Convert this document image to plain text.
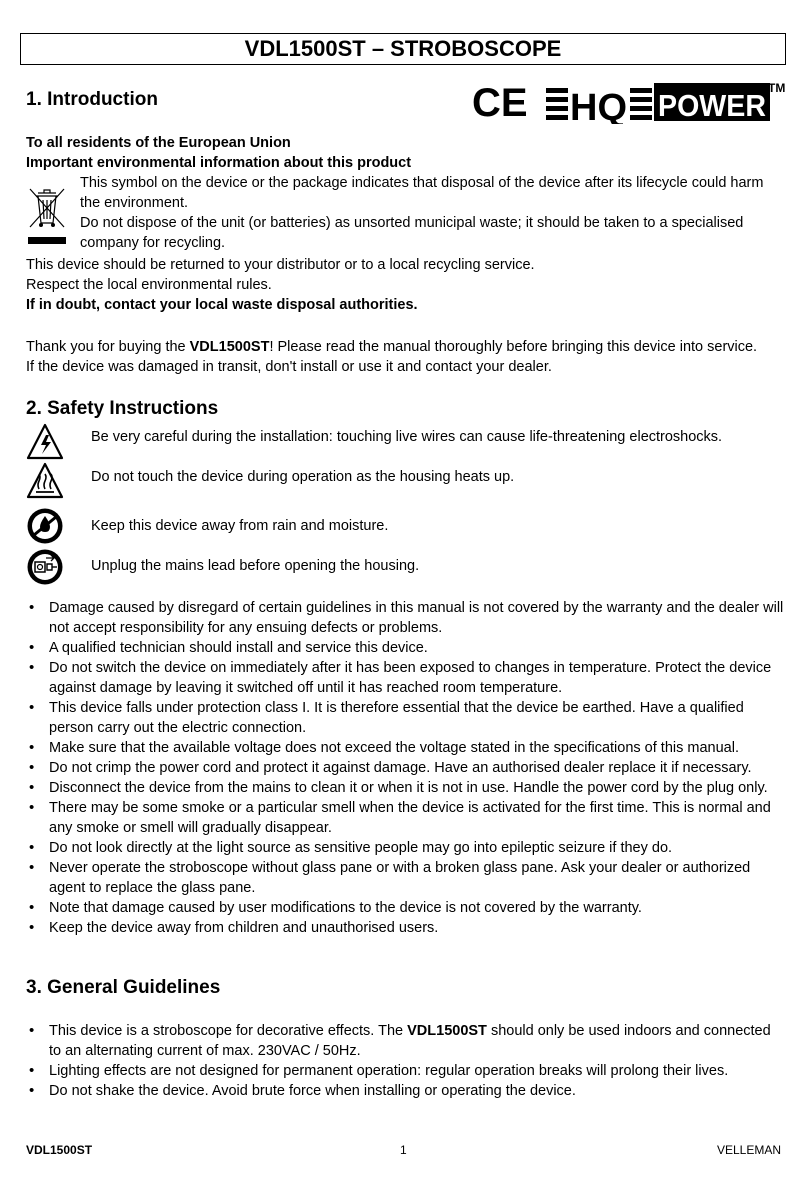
VDL1500ST – STROBOSCOPE
CE HQ POWER TM
1. Introduction
To all residents of the European Union
Important environmental information about this product
This symbol on the device or the package indicates that disposal of the device after its lifecycle could harm the environment.
Do not dispose of the unit (or batteries) as unsorted municipal waste; it should be taken to a specialised company for recycling.
This device should be returned to your distributor or to a local recycling service.
Respect the local environmental rules.
If in doubt, contact your local waste disposal authorities.
Thank you for buying the VDL1500ST! Please read the manual thoroughly before bringing this device into service.
If the device was damaged in transit, don't install or use it and contact your dealer.
2. Safety Instructions
Be very careful during the installation: touching live wires can cause life-threatening electroshocks.
Do not touch the device during operation as the housing heats up.
Keep this device away from rain and moisture.
Unplug the mains lead before opening the housing.
• Damage caused by disregard of certain guidelines in this manual is not covered by the warranty and the dealer will not accept responsibility for any ensuing defects or problems.
• A qualified technician should install and service this device.
• Do not switch the device on immediately after it has been exposed to changes in temperature. Protect the device against damage by leaving it switched off until it has reached room temperature.
• This device falls under protection class I. It is therefore essential that the device be earthed. Have a qualified person carry out the electric connection.
• Make sure that the available voltage does not exceed the voltage stated in the specifications of this manual.
• Do not crimp the power cord and protect it against damage. Have an authorised dealer replace it if necessary.
• Disconnect the device from the mains to clean it or when it is not in use. Handle the power cord by the plug only.
• There may be some smoke or a particular smell when the device is activated for the first time. This is normal and any smoke or smell will gradually disappear.
• Do not look directly at the light source as sensitive people may go into epileptic seizure if they do.
• Never operate the stroboscope without glass pane or with a broken glass pane. Ask your dealer or authorized agent to replace the glass pane.
• Note that damage caused by user modifications to the device is not covered by the warranty.
• Keep the device away from children and unauthorised users.
3. General Guidelines
• This device is a stroboscope for decorative effects. The VDL1500ST should only be used indoors and connected to an alternating current of max. 230VAC / 50Hz.
• Lighting effects are not designed for permanent operation: regular operation breaks will prolong their lives.
• Do not shake the device. Avoid brute force when installing or operating the device.
VDL1500ST	1	VELLEMAN
